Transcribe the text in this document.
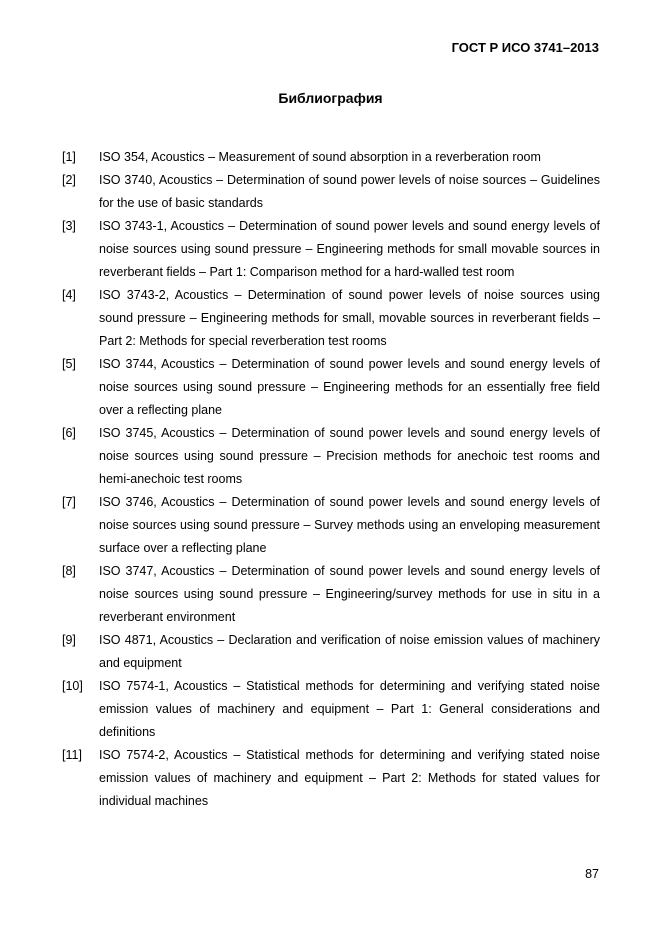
ГОСТ Р ИСО 3741–2013
Библиография
[1] ISO 354, Acoustics – Measurement of sound absorption in a reverberation room
[2] ISO 3740, Acoustics – Determination of sound power levels of noise sources – Guidelines for the use of basic standards
[3] ISO 3743-1, Acoustics – Determination of sound power levels and sound energy levels of noise sources using sound pressure – Engineering methods for small movable sources in reverberant fields – Part 1: Comparison method for a hard-walled test room
[4] ISO 3743-2, Acoustics – Determination of sound power levels of noise sources using sound pressure – Engineering methods for small, movable sources in reverberant fields – Part 2: Methods for special reverberation test rooms
[5] ISO 3744, Acoustics – Determination of sound power levels and sound energy levels of noise sources using sound pressure – Engineering methods for an essentially free field over a reflecting plane
[6] ISO 3745, Acoustics – Determination of sound power levels and sound energy levels of noise sources using sound pressure – Precision methods for anechoic test rooms and hemi-anechoic test rooms
[7] ISO 3746, Acoustics – Determination of sound power levels and sound energy levels of noise sources using sound pressure – Survey methods using an enveloping measurement surface over a reflecting plane
[8] ISO 3747, Acoustics – Determination of sound power levels and sound energy levels of noise sources using sound pressure – Engineering/survey methods for use in situ in a reverberant environment
[9] ISO 4871, Acoustics – Declaration and verification of noise emission values of machinery and equipment
[10] ISO 7574-1, Acoustics – Statistical methods for determining and verifying stated noise emission values of machinery and equipment – Part 1: General considerations and definitions
[11] ISO 7574-2, Acoustics – Statistical methods for determining and verifying stated noise emission values of machinery and equipment – Part 2: Methods for stated values for individual machines
87
